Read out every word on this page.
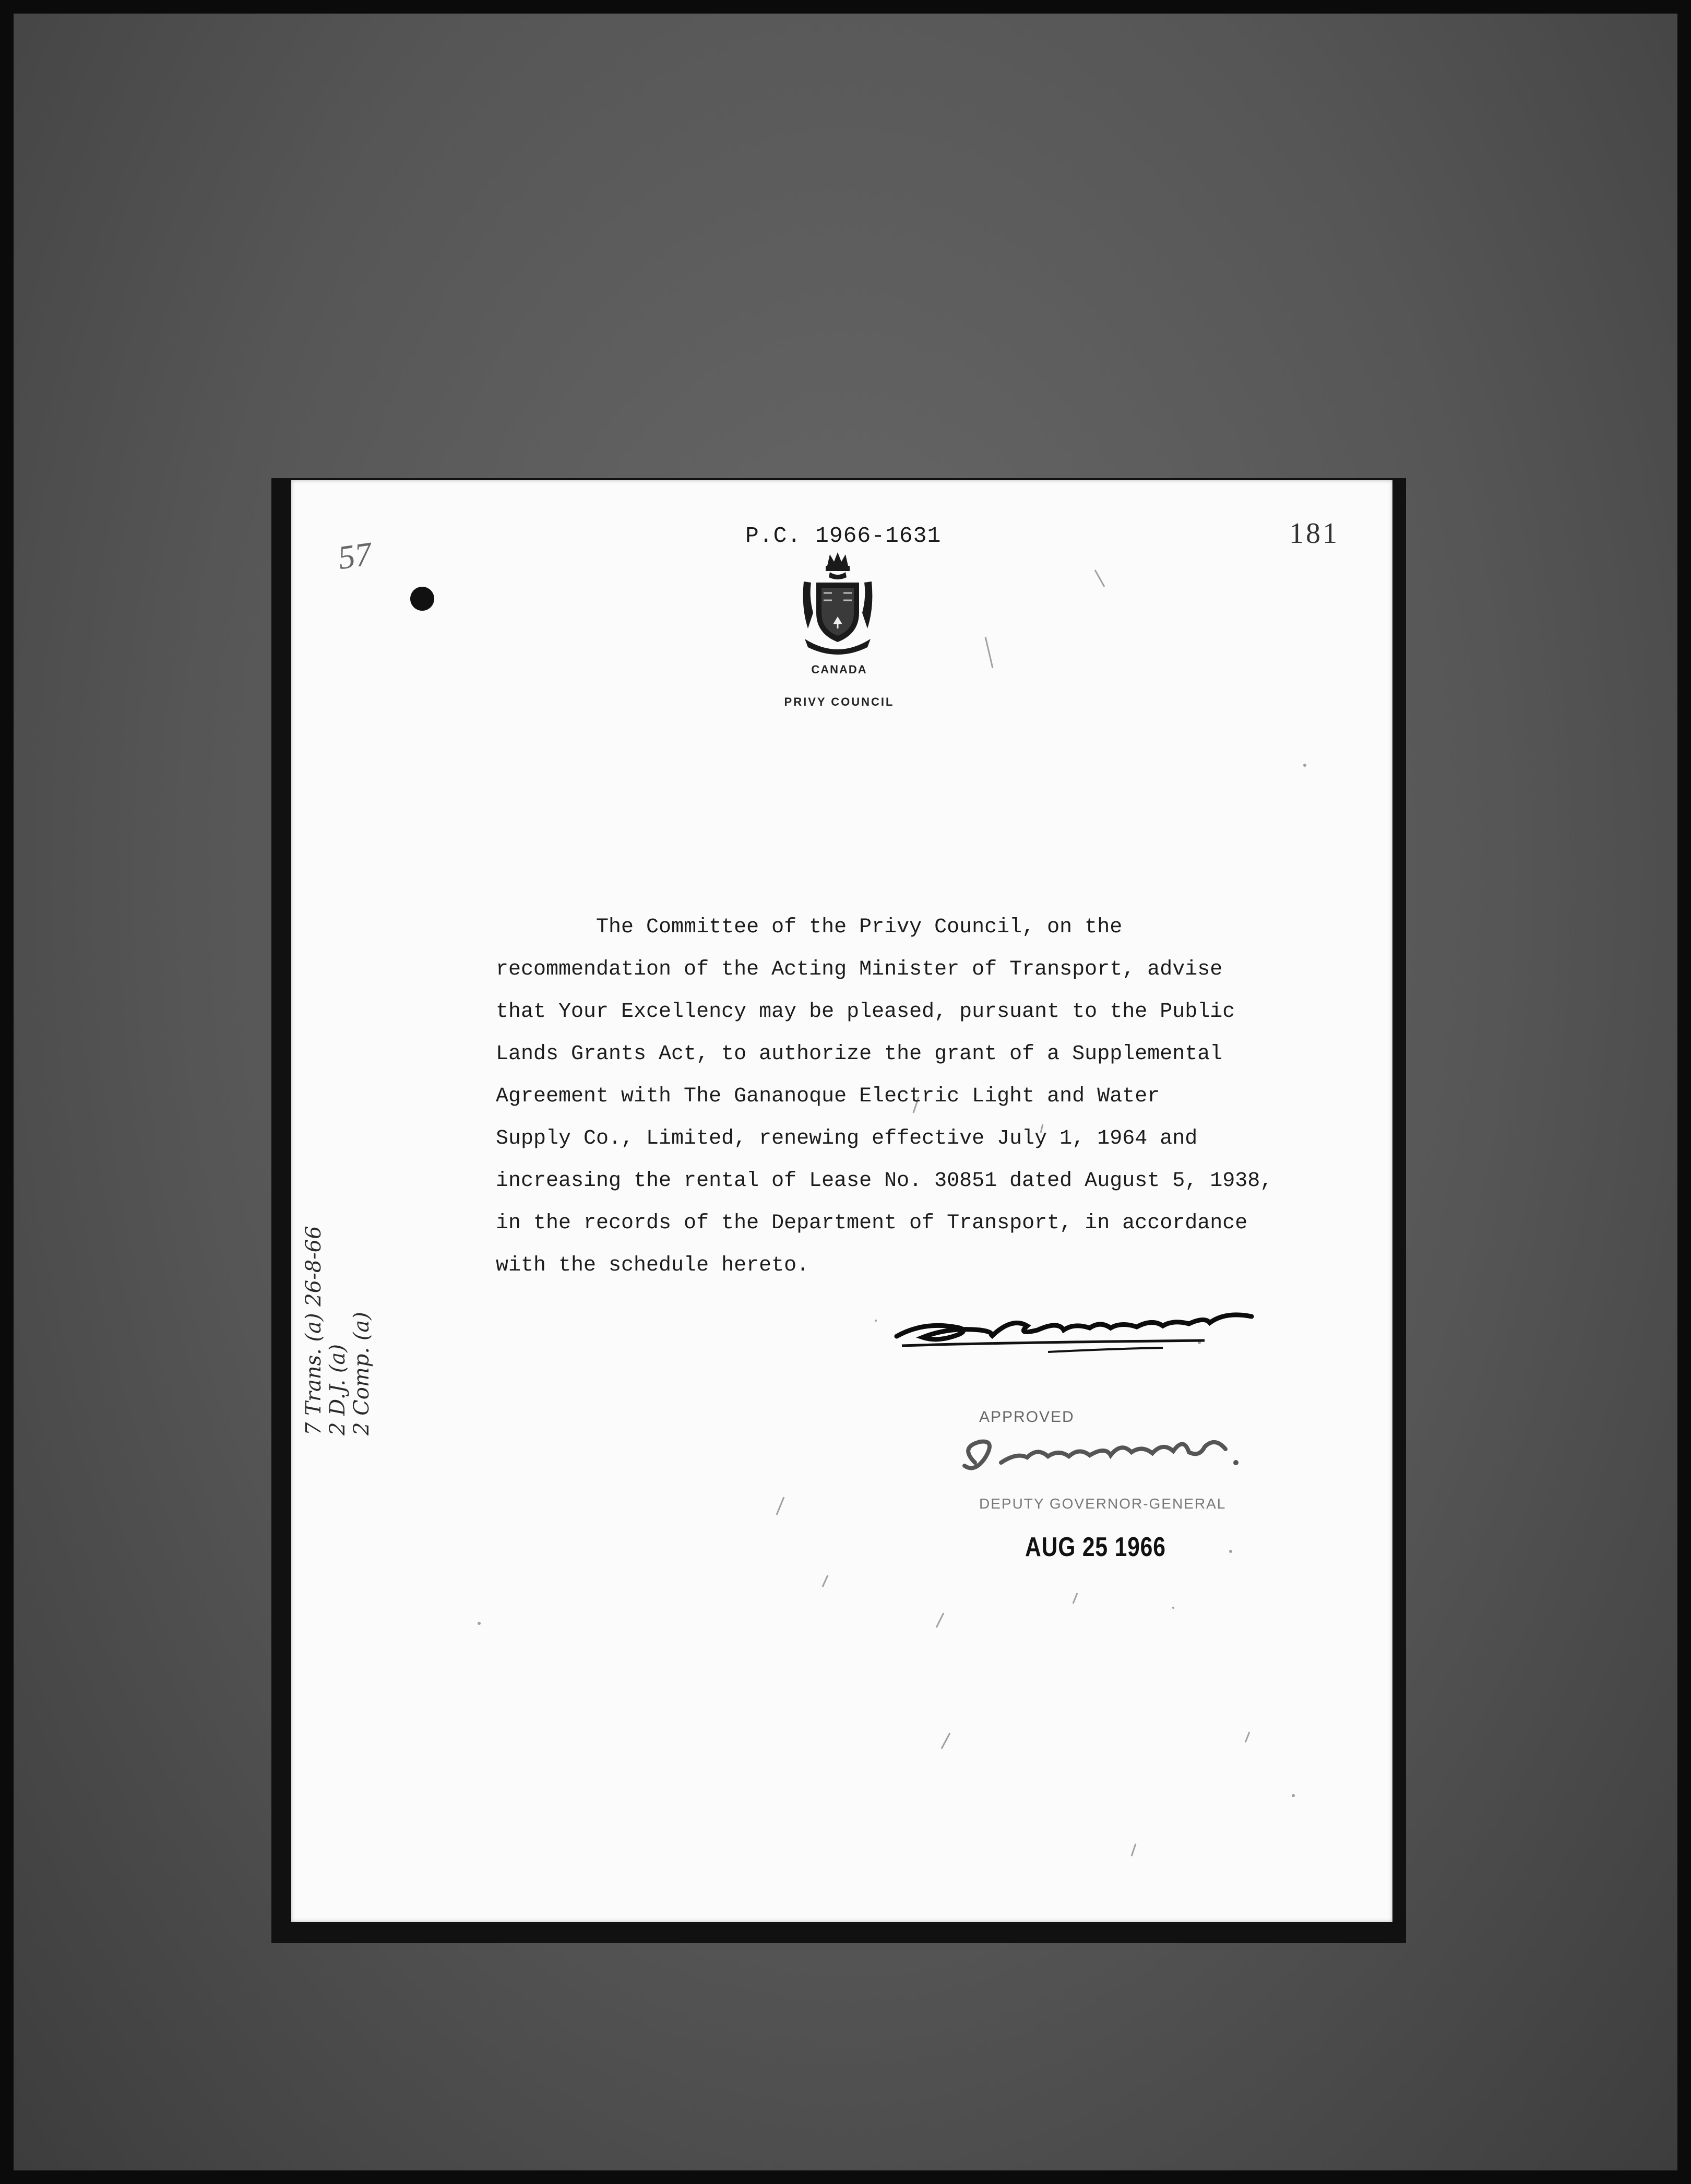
P.C. 1966-1631	181
57
CANADA
PRIVY COUNCIL
The Committee of the Privy Council, on the
recommendation of the Acting Minister of Transport, advise
that Your Excellency may be pleased, pursuant to the Public
Lands Grants Act, to authorize the grant of a Supplemental
Agreement with The Gananoque Electric Light and Water
Supply Co., Limited, renewing effective July 1, 1964 and
increasing the rental of Lease No. 30851 dated August 5, 1938,
in the records of the Department of Transport, in accordance
with the schedule hereto.
7 Trans. (a) 26-8-66 2 D.J. (a) 2 Comp. (a)	APPROVED
DEPUTY GOVERNOR-GENERAL
AUG 25 1966
